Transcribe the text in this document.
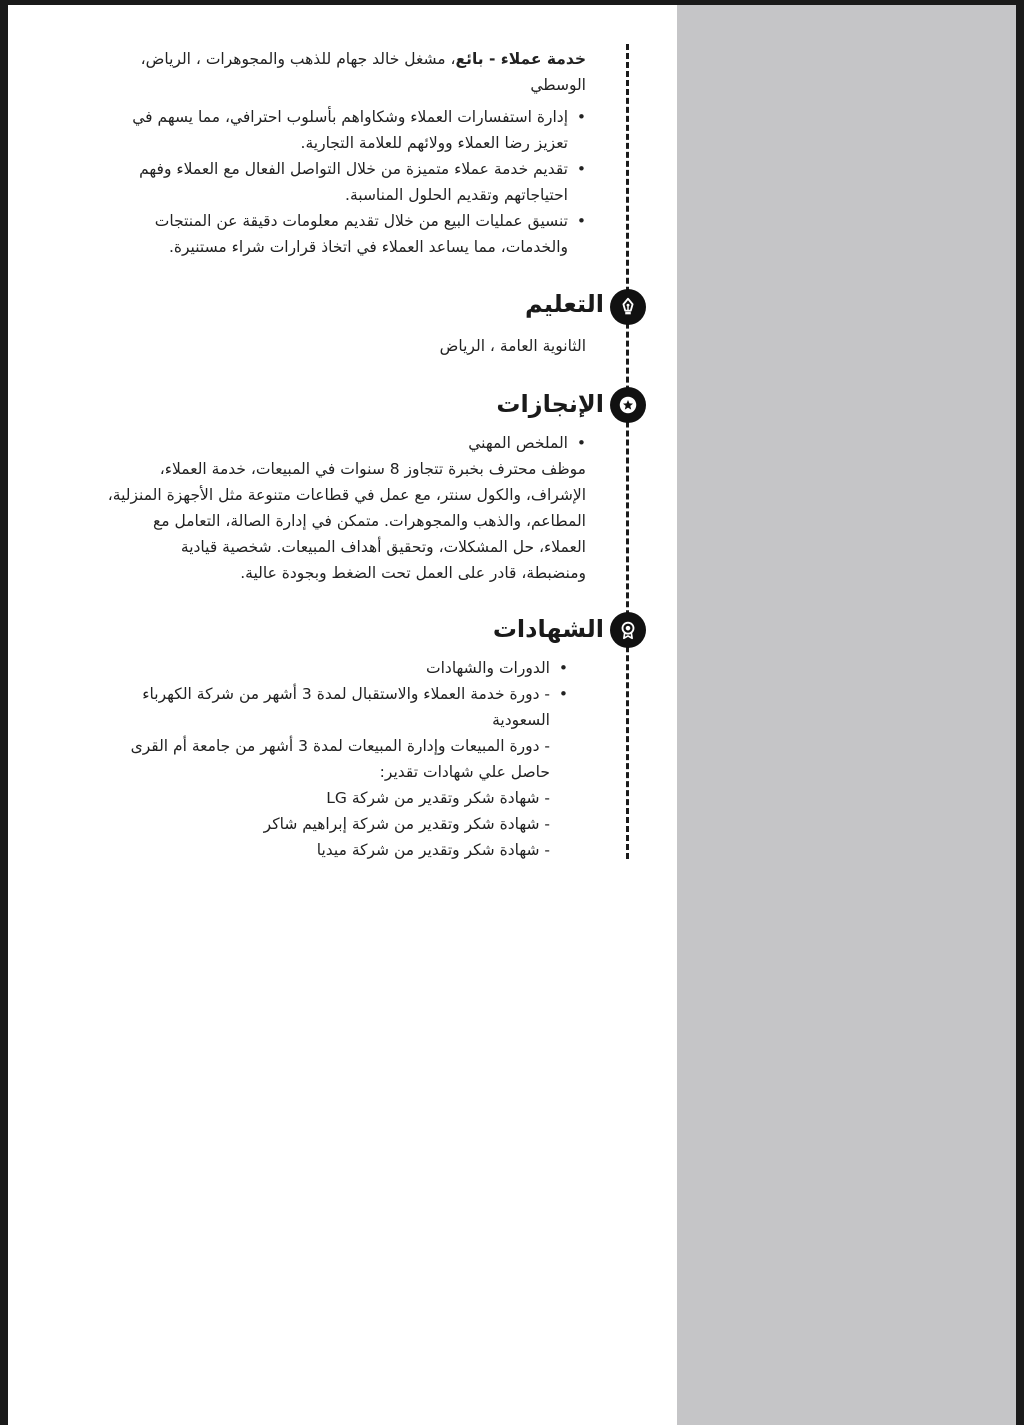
خدمة عملاء - بائع، مشغل خالد جهام للذهب والمجوهرات ، الرياض،

الوسطي

• إدارة استفسارات العملاء وشكاواهم بأسلوب احترافي، مما يسهم في
تعزيز رضا العملاء وولائهم للعلامة التجارية.
• تقديم خدمة عملاء متميزة من خلال التواصل الفعال مع العملاء وفهم
احتياجاتهم وتقديم الحلول المناسبة.
• تنسيق عمليات البيع من خلال تقديم معلومات دقيقة عن المنتجات
والخدمات، مما يساعد العملاء في اتخاذ قرارات شراء مستنيرة.
التعليم

الثانوية العامة ، الرياض

الإنجازات
• الملخص المهني

موظف محترف بخبرة تتجاوز 8 سنوات في المبيعات، خدمة العملاء،

الإشراف، والكول سنتر، مع عمل في قطاعات متنوعة مثل الأجهزة المنزلية،

المطاعم، والذهب والمجوهرات. متمكن في إدارة الصالة، التعامل مع

العملاء، حل المشكلات، وتحقيق أهداف المبيعات. شخصية قيادية

ومنضبطة، قادر على العمل تحت الضغط وبجودة عالية.

الشهادات
• الدورات والشهادات
• - دورة خدمة العملاء والاستقبال لمدة 3 أشهر من شركة الكهرباء
السعودية

- دورة المبيعات وإدارة المبيعات لمدة 3 أشهر من جامعة أم القرى

حاصل علي شهادات تقدير:

- شهادة شكر وتقدير من شركة LG

- شهادة شكر وتقدير من شركة إبراهيم شاكر

- شهادة شكر وتقدير من شركة ميديا
